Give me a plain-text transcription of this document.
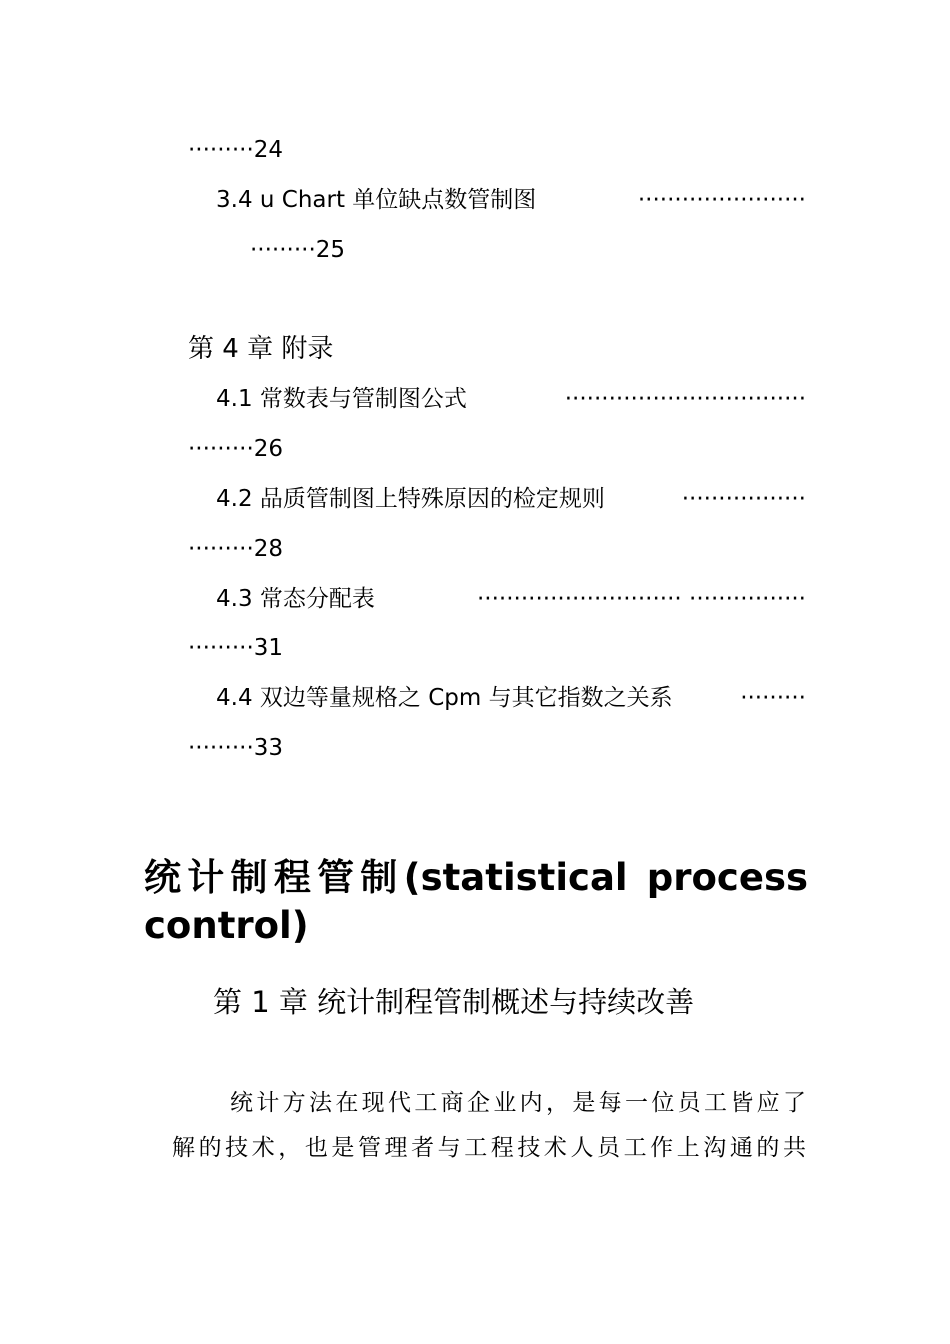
·········24
3.4 u Chart 单位缺点数管制图	·······················
·········25
第 4 章 附录
4.1 常数表与管制图公式	·································
·········26
4.2 品质管制图上特殊原因的检定规则	·················
·········28
4.3 常态分配表	···························· ················
·········31
4.4 双边等量规格之 Cpm 与其它指数之关系	·········
·········33
统计制程管制(statistical process control)
第 1 章 统计制程管制概述与持续改善
统计方法在现代工商企业内，是每一位员工皆应了
解的技术，也是管理者与工程技术人员工作上沟通的共
